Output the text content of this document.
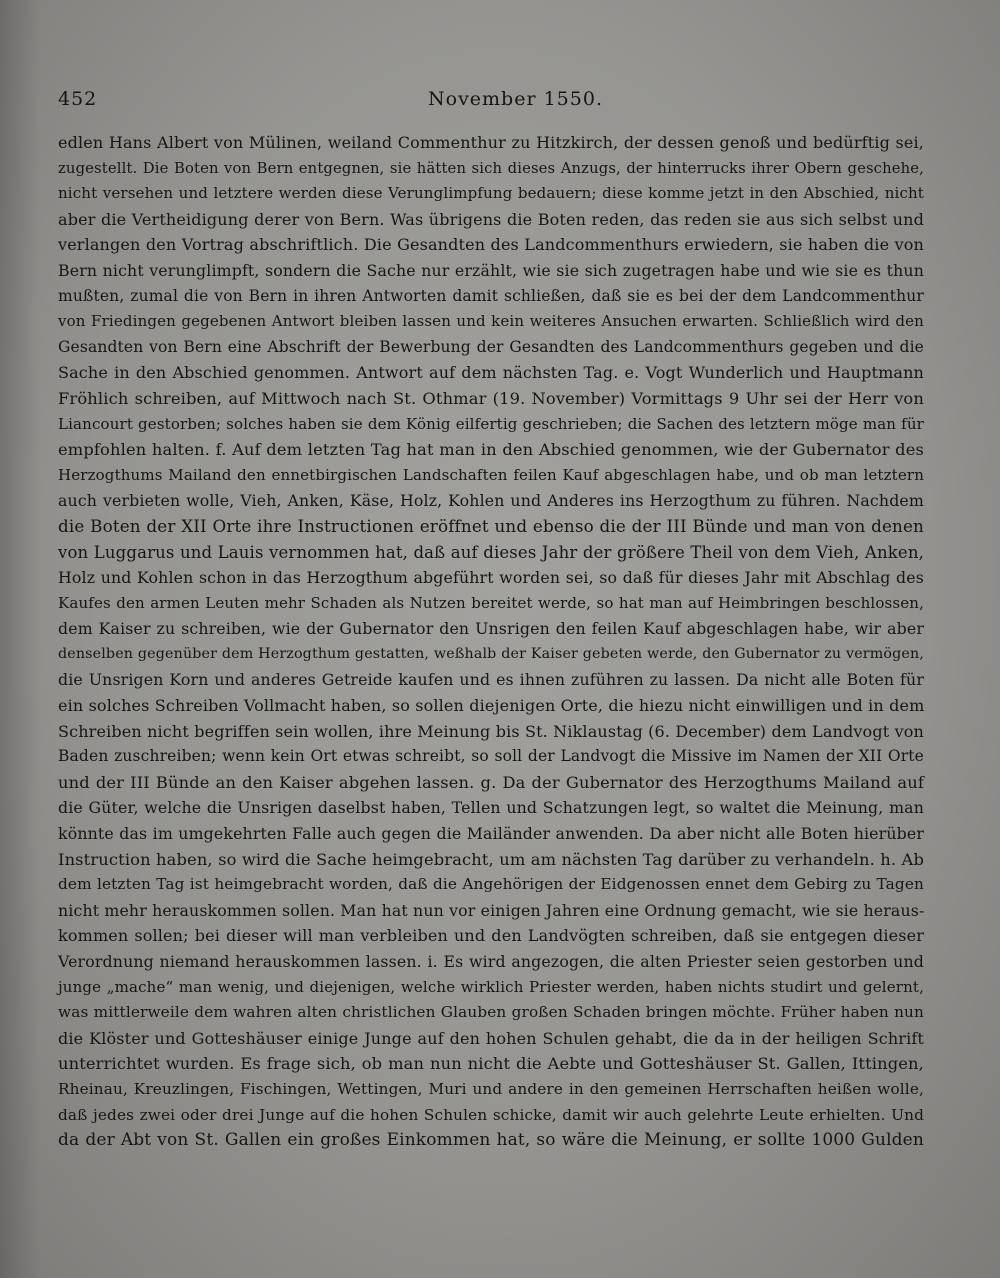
452	November 1550.
edlen Hans Albert von Mülinen, weiland Commenthur zu Hitzkirch, der dessen genoß und bedürftig sei,
zugestellt. Die Boten von Bern entgegnen, sie hätten sich dieses Anzugs, der hinterrucks ihrer Obern geschehe,
nicht versehen und letztere werden diese Verunglimpfung bedauern; diese komme jetzt in den Abschied, nicht
aber die Vertheidigung derer von Bern. Was übrigens die Boten reden, das reden sie aus sich selbst und
verlangen den Vortrag abschriftlich. Die Gesandten des Landcommenthurs erwiedern, sie haben die von
Bern nicht verunglimpft, sondern die Sache nur erzählt, wie sie sich zugetragen habe und wie sie es thun
mußten, zumal die von Bern in ihren Antworten damit schließen, daß sie es bei der dem Landcommenthur
von Friedingen gegebenen Antwort bleiben lassen und kein weiteres Ansuchen erwarten. Schließlich wird den
Gesandten von Bern eine Abschrift der Bewerbung der Gesandten des Landcommenthurs gegeben und die
Sache in den Abschied genommen. Antwort auf dem nächsten Tag. e. Vogt Wunderlich und Hauptmann
Fröhlich schreiben, auf Mittwoch nach St. Othmar (19. November) Vormittags 9 Uhr sei der Herr von
Liancourt gestorben; solches haben sie dem König eilfertig geschrieben; die Sachen des letztern möge man für
empfohlen halten. f. Auf dem letzten Tag hat man in den Abschied genommen, wie der Gubernator des
Herzogthums Mailand den ennetbirgischen Landschaften feilen Kauf abgeschlagen habe, und ob man letztern
auch verbieten wolle, Vieh, Anken, Käse, Holz, Kohlen und Anderes ins Herzogthum zu führen. Nachdem
die Boten der XII Orte ihre Instructionen eröffnet und ebenso die der III Bünde und man von denen
von Luggarus und Lauis vernommen hat, daß auf dieses Jahr der größere Theil von dem Vieh, Anken,
Holz und Kohlen schon in das Herzogthum abgeführt worden sei, so daß für dieses Jahr mit Abschlag des
Kaufes den armen Leuten mehr Schaden als Nutzen bereitet werde, so hat man auf Heimbringen beschlossen,
dem Kaiser zu schreiben, wie der Gubernator den Unsrigen den feilen Kauf abgeschlagen habe, wir aber
denselben gegenüber dem Herzogthum gestatten, weßhalb der Kaiser gebeten werde, den Gubernator zu vermögen,
die Unsrigen Korn und anderes Getreide kaufen und es ihnen zuführen zu lassen. Da nicht alle Boten für
ein solches Schreiben Vollmacht haben, so sollen diejenigen Orte, die hiezu nicht einwilligen und in dem
Schreiben nicht begriffen sein wollen, ihre Meinung bis St. Niklaustag (6. December) dem Landvogt von
Baden zuschreiben; wenn kein Ort etwas schreibt, so soll der Landvogt die Missive im Namen der XII Orte
und der III Bünde an den Kaiser abgehen lassen. g. Da der Gubernator des Herzogthums Mailand auf
die Güter, welche die Unsrigen daselbst haben, Tellen und Schatzungen legt, so waltet die Meinung, man
könnte das im umgekehrten Falle auch gegen die Mailänder anwenden. Da aber nicht alle Boten hierüber
Instruction haben, so wird die Sache heimgebracht, um am nächsten Tag darüber zu verhandeln. h. Ab
dem letzten Tag ist heimgebracht worden, daß die Angehörigen der Eidgenossen ennet dem Gebirg zu Tagen
nicht mehr herauskommen sollen. Man hat nun vor einigen Jahren eine Ordnung gemacht, wie sie heraus-
kommen sollen; bei dieser will man verbleiben und den Landvögten schreiben, daß sie entgegen dieser
Verordnung niemand herauskommen lassen. i. Es wird angezogen, die alten Priester seien gestorben und
junge „mache“ man wenig, und diejenigen, welche wirklich Priester werden, haben nichts studirt und gelernt,
was mittlerweile dem wahren alten christlichen Glauben großen Schaden bringen möchte. Früher haben nun
die Klöster und Gotteshäuser einige Junge auf den hohen Schulen gehabt, die da in der heiligen Schrift
unterrichtet wurden. Es frage sich, ob man nun nicht die Aebte und Gotteshäuser St. Gallen, Ittingen,
Rheinau, Kreuzlingen, Fischingen, Wettingen, Muri und andere in den gemeinen Herrschaften heißen wolle,
daß jedes zwei oder drei Junge auf die hohen Schulen schicke, damit wir auch gelehrte Leute erhielten. Und
da der Abt von St. Gallen ein großes Einkommen hat, so wäre die Meinung, er sollte 1000 Gulden
